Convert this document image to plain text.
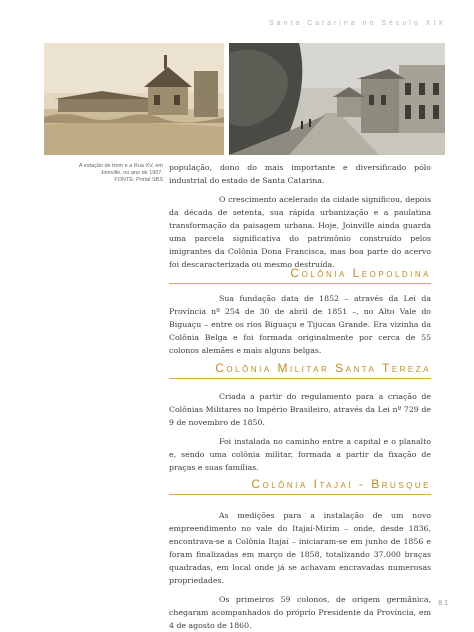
Santa Catarina no Século XIX

A estação de trem e a Rua XV, em

Joinville, no ano de 1907.

FONTE: Portal SBS

população, dono do mais importante e diversificado pólo industrial do estado de Santa Catarina.

O crescimento acelerado da cidade significou, depois da década de setenta, sua rápida urbanização e a paulatina transformação da paisagem urbana. Hoje, Joinville ainda guarda uma parcela significativa do patrimônio construído pelos imigrantes da Colônia Dona Francisca, mas boa parte do acervo foi descaracterizada ou mesmo destruída.

Colônia Leopoldina

Sua fundação data de 1852 – através da Lei da Província nº 254 de 30 de abril de 1851 –, no Alto Vale do Biguaçu – entre os rios Biguaçu e Tijucas Grande. Era vizinha da Colônia Belga e foi formada originalmente por cerca de 55 colonos alemães e mais alguns belgas.

Colônia Militar Santa Tereza

Criada a partir do regulamento para a criação de Colônias Militares no Império Brasileiro, através da Lei nº 729 de 9 de novembro de 1850.

Foi instalada no caminho entre a capital e o planalto e, sendo uma colônia militar, formada a partir da fixação de praças e suas famílias.

Colônia Itajaí - Brusque

As medições para a instalação de um novo empreendimento no vale do Itajaí-Mirim – onde, desde 1836, encontrava-se a Colônia Itajaí – iniciaram-se em junho de 1856 e foram finalizadas em março de 1858, totalizando 37.000 braças quadradas, em local onde já se achavam encravadas numerosas propriedades.

Os primeiros 59 colonos, de origem germânica, chegaram acompanhados do próprio Presidente da Província, em 4 de agosto de 1860.

81
